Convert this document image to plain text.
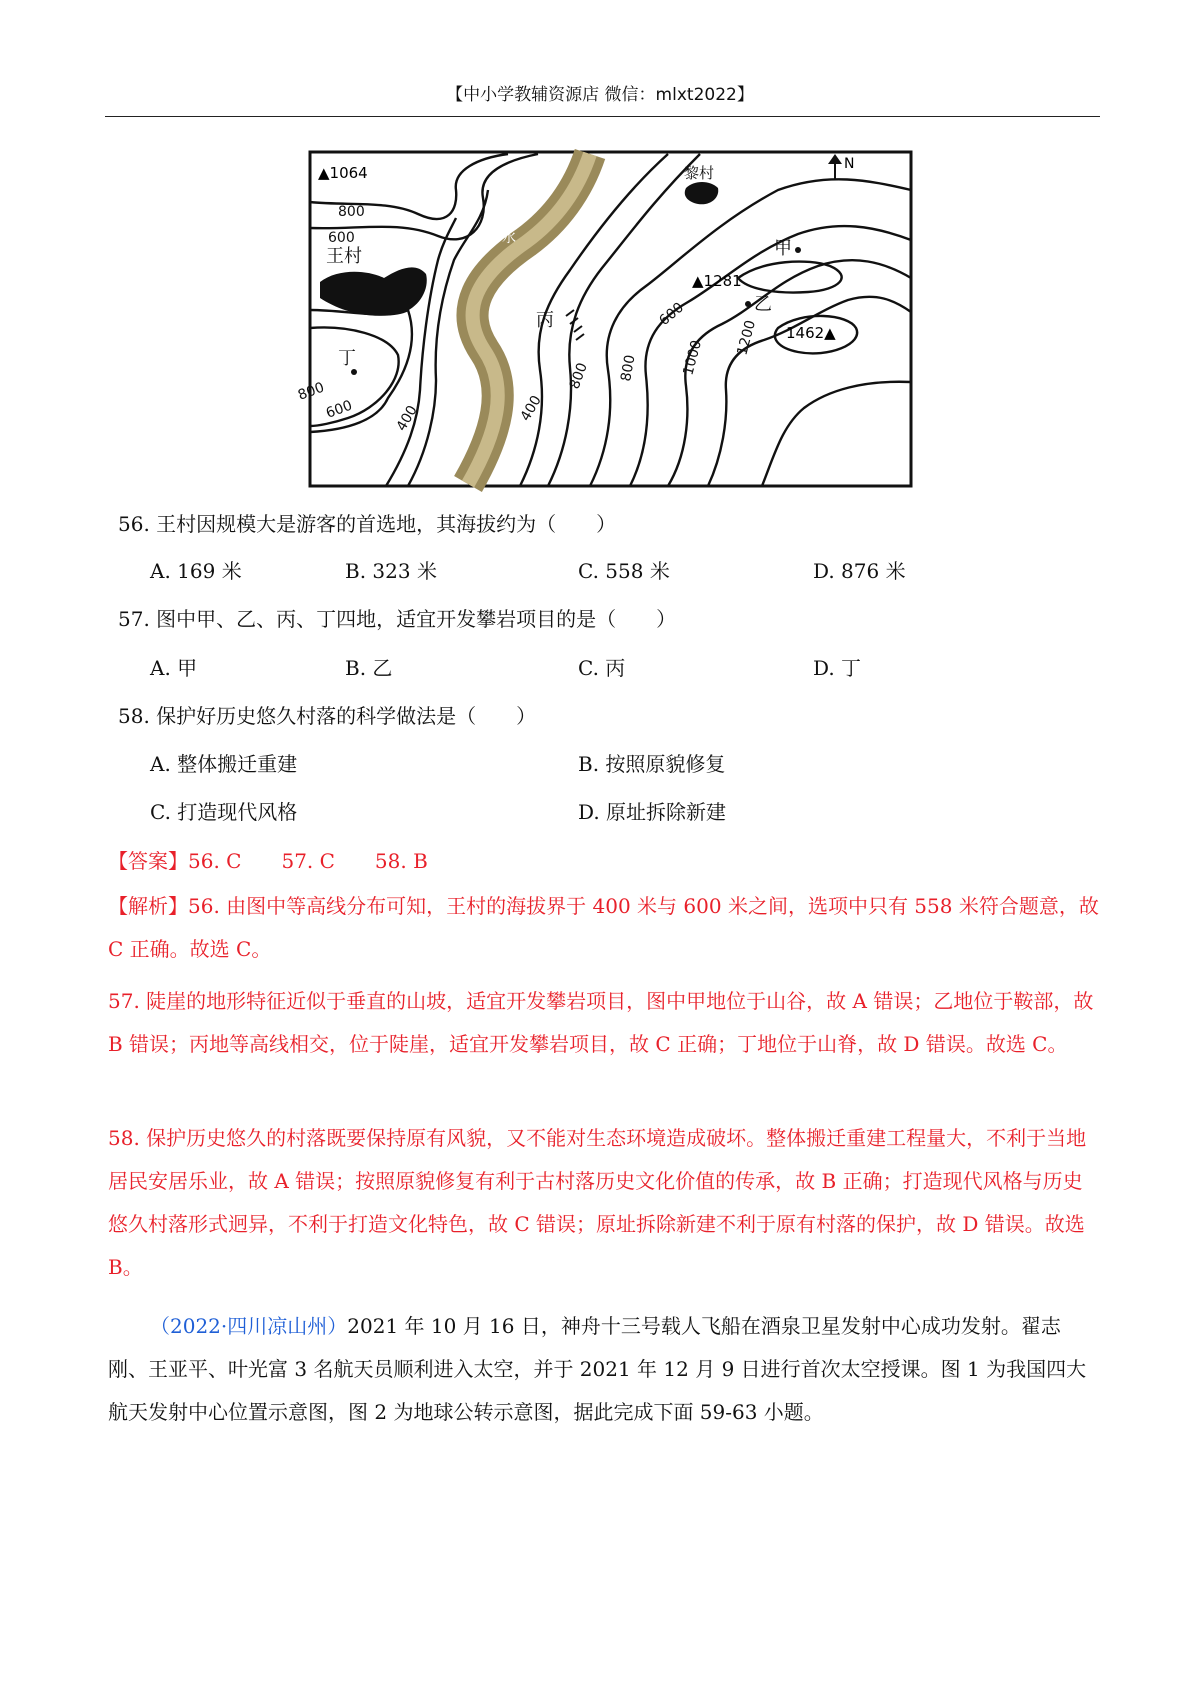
【中小学教辅资源店 微信：mlxt2022】
N
▲1064
▲1281
1462▲
800
600
800
600	400	400
800 800	1000
1200
600
王村
黎村
水	甲
乙
丙
丁
56. 王村因规模大是游客的首选地，其海拔约为（　　）
A. 169 米	B. 323 米	C. 558 米	D. 876 米
57. 图中甲、乙、丙、丁四地，适宜开发攀岩项目的是（　　）
A. 甲	B. 乙	C. 丙	D. 丁
58. 保护好历史悠久村落的科学做法是（　　）
A. 整体搬迁重建	B. 按照原貌修复
C. 打造现代风格	D. 原址拆除新建
【答案】56. C　　57. C　　58. B

【解析】56. 由图中等高线分布可知，王村的海拔界于 400 米与 600 米之间，选项中只有 558 米符合题意，故 C 正确。故选 C。

57. 陡崖的地形特征近似于垂直的山坡，适宜开发攀岩项目，图中甲地位于山谷，故 A 错误；乙地位于鞍部，故 B 错误；丙地等高线相交，位于陡崖，适宜开发攀岩项目，故 C 正确；丁地位于山脊，故 D 错误。故选 C。

58. 保护历史悠久的村落既要保持原有风貌，又不能对生态环境造成破坏。整体搬迁重建工程量大，不利于当地居民安居乐业，故 A 错误；按照原貌修复有利于古村落历史文化价值的传承，故 B 正确；打造现代风格与历史悠久村落形式迥异，不利于打造文化特色，故 C 错误；原址拆除新建不利于原有村落的保护，故 D 错误。故选 B。

（2022·四川凉山州）2021 年 10 月 16 日，神舟十三号载人飞船在酒泉卫星发射中心成功发射。翟志刚、王亚平、叶光富 3 名航天员顺利进入太空，并于 2021 年 12 月 9 日进行首次太空授课。图 1 为我国四大航天发射中心位置示意图，图 2 为地球公转示意图，据此完成下面 59-63 小题。
